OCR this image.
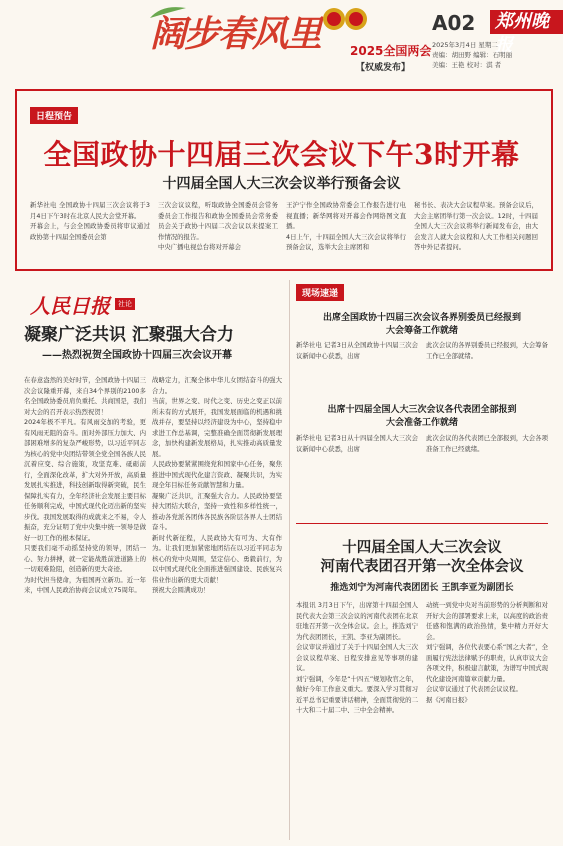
阔步春风里 2025全国两会
【权威发布】
A02 郑州晚报
2025年3月4日 星期二
责编：胡田野 编辑：石明丽
美编：王艳 校对：淇 者
日程预告
全国政协十四届三次会议下午3时开幕
十四届全国人大三次会议举行预备会议
新华社电 全国政协十四届三次会议将于3月4日下午3时在北京人民大会堂开幕。
开幕会上，与会全国政协委员将审议通过政协第十四届全国委员会第
三次会议议程，听取政协全国委员会常务委员会工作报告和政协全国委员会常务委员会关于政协十四届二次会议以来提案工作情况的报告。
中央广播电视总台将对开幕会
王沪宁作全国政协常委会工作报告进行电视直播；新华网将对开幕会作网络图文直播。
4日上午，十四届全国人大三次会议将举行预备会议，选举大会主席团和
秘书长、表决大会议程草案。预备会议后，大会主席团举行第一次会议。12时，十四届全国人大三次会议将举行新闻发布会，由大会发言人就大会议程和人大工作相关问题回答中外记者提问。
人民日报	社论
凝聚广泛共识 汇聚强大合力
——热烈祝贺全国政协十四届三次会议开幕
在春意盎然的美好时节，全国政协十四届三次会议隆重开幕，来自34个界别的2100多名全国政协委员肩负重托、共商国是，我们对大会的召开表示热烈祝贺！
2024年极不平凡。有风雨交加的考验，更有风雨无阻的奋斗。面对外部压力加大、内部困难增多的复杂严峻形势，以习近平同志为核心的党中央团结带领全党全国各族人民沉着应变、综合施策，攻坚克难、砥砺前行，全面深化改革，扩大对外开放，高质量发展扎实推进，科技创新取得新突破，民生保障扎实有力，全年经济社会发展主要目标任务顺利完成，中国式现代化迈出新的坚实步伐。我国发展取得的成就来之不易，令人振奋，充分证明了党中央集中统一领导是做好一切工作的根本保证。
只要我们毫不动摇坚持党的领导，团结一心、努力拼搏，就一定能战胜前进道路上的一切艰难险阻，创造新的更大奇迹。
为时代担当使命，为祖国再立新功。近一年来，中国人民政治协商会议成立75周年。
战略定力，汇聚全体中华儿女团结奋斗的强大合力。
当前，世界之变、时代之变、历史之变正以前所未有的方式展开，我国发展面临的机遇和挑战并存，要坚持以经济建设为中心，坚持稳中求进工作总基调，完整准确全面贯彻新发展理念，加快构建新发展格局，扎实推动高质量发展。
人民政协要紧紧围绕党和国家中心任务，聚焦推进中国式现代化建言资政、凝聚共识，为实现全年目标任务贡献智慧和力量。
凝聚广泛共识，汇聚强大合力。人民政协要坚持大团结大联合，坚持一致性和多样性统一，推动各党派各团体各民族各阶层各界人士团结奋斗。
新时代新征程，人民政协大有可为、大有作为。让我们更加紧密地团结在以习近平同志为核心的党中央周围，坚定信心、勇毅前行，为以中国式现代化全面推进强国建设、民族复兴伟业作出新的更大贡献！
预祝大会圆满成功！
现场速递
出席全国政协十四届三次会议各界别委员已经报到
大会筹备工作就绪
新华社电 记者3日从全国政协十四届三次会议新闻中心获悉，出席
此次会议的各界别委员已经报到，大会筹备工作已全部就绪。
出席十四届全国人大三次会议各代表团全部报到
大会准备工作就绪
新华社电 记者3日从十四届全国人大三次会议新闻中心获悉，出席
此次会议的各代表团已全部报到，大会各项准备工作已经就绪。
十四届全国人大三次会议
河南代表团召开第一次全体会议
推选刘宁为河南代表团团长 王凯李亚为副团长
本报讯 3月3日下午，出席第十四届全国人民代表大会第三次会议的河南代表团在北京驻地召开第一次全体会议。会上，推选刘宁为代表团团长，王凯、李亚为副团长。
会议审议并通过了关于十四届全国人大三次会议议程草案、日程安排意见等事项的建议。
刘宁强调，今年是“十四五”规划收官之年，做好今年工作意义重大。要深入学习贯彻习近平总书记重要讲话精神，全面贯彻党的二十大和二十届二中、三中全会精神。
动统一到党中央对当前形势的分析判断和对开好大会的部署要求上来，以高度的政治责任感和饱满的政治热情，集中精力开好大会。
刘宁强调，各位代表要心系“国之大者”，全面履行宪法法律赋予的职责，认真审议大会各项文件，积极建言献策，为谱写中国式现代化建设河南篇章贡献力量。
会议审议通过了代表团会议议程。
据《河南日报》
